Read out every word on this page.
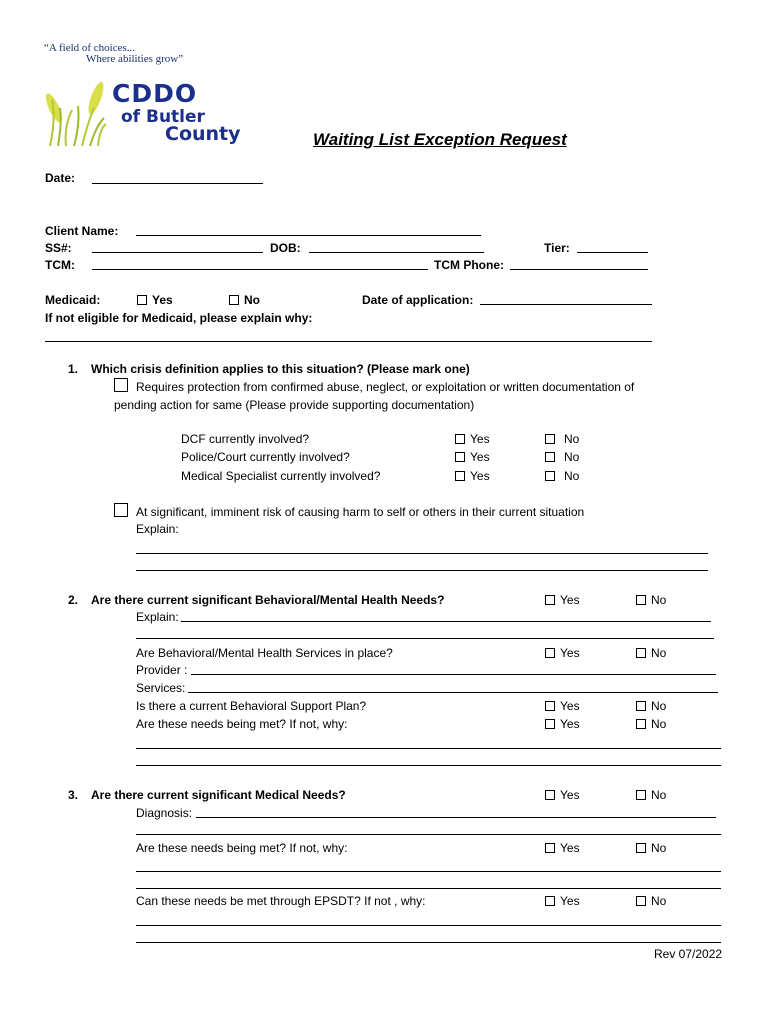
“A field of choices...
Where abilities grow”
CDDO
of Butler
County	Waiting List Exception Request
Date:
Client Name:
SS#:	DOB:	Tier:
TCM:	TCM Phone:
Medicaid:	Yes	No	Date of application:
If not eligible for Medicaid, please explain why:
1. Which crisis definition applies to this situation? (Please mark one)
Requires protection from confirmed abuse, neglect, or exploitation or written documentation of
pending action for same (Please provide supporting documentation)
DCF currently involved?	Yes	No
Police/Court currently involved?	Yes	No
Medical Specialist currently involved?	Yes	No
At significant, imminent risk of causing harm to self or others in their current situation
Explain:
2. Are there current significant Behavioral/Mental Health Needs?	Yes	No
Explain:
Are Behavioral/Mental Health Services in place?	Yes	No
Provider :
Services:
Is there a current Behavioral Support Plan?	Yes	No
Are these needs being met? If not, why:	Yes	No
3. Are there current significant Medical Needs?	Yes	No
Diagnosis:
Are these needs being met? If not, why:	Yes	No
Can these needs be met through EPSDT? If not , why:	Yes	No
Rev 07/2022
